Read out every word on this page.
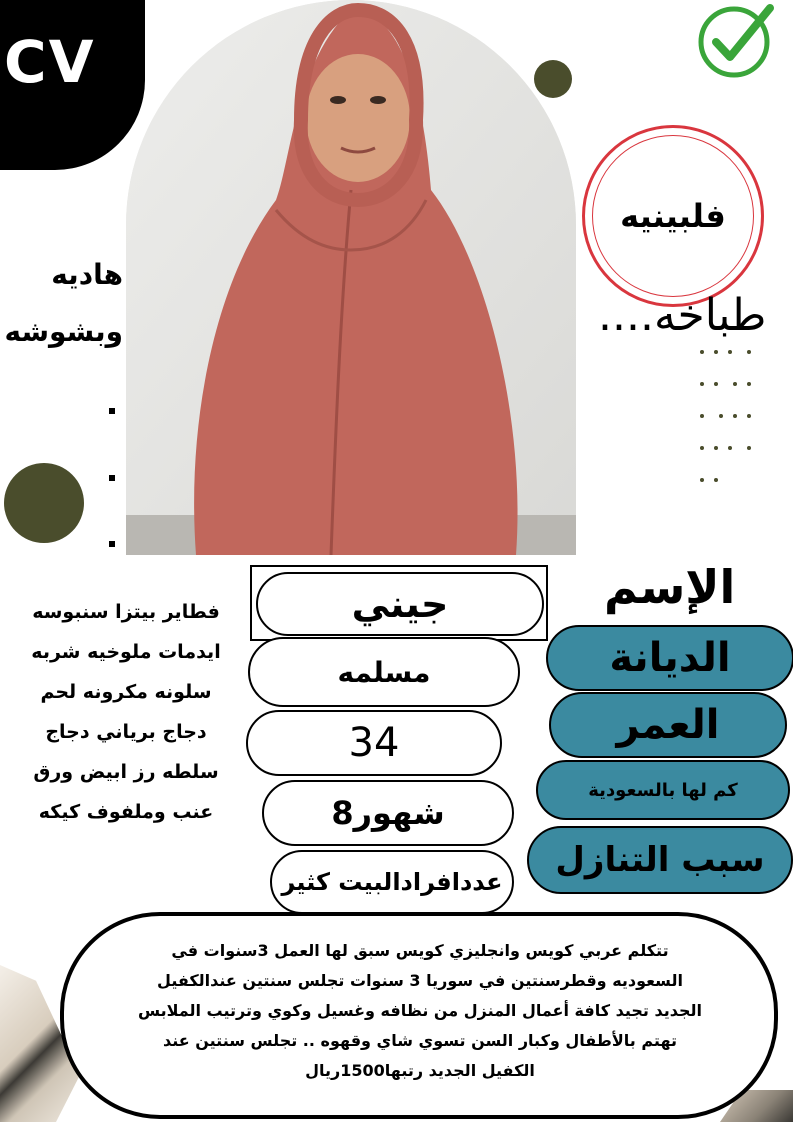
CV
فلبينيه
طباخه....

هاديه
وبشوشه
جيني
مسلمه
34
8شهور
عددافرادالبيت كثير
الإسم
الديانة
العمر
كم لها بالسعودية
سبب التنازل
فطاير بيتزا سنبوسه
ايدمات ملوخيه شربه
سلونه مكرونه لحم
دجاج برياني دجاج
سلطه رز ابيض ورق
عنب وملفوف كيكه
تتكلم عربي كويس وانجليزي كويس سبق لها العمل 3سنوات في
السعوديه وقطرسنتين في سوريا 3 سنوات تجلس سنتين عندالكفيل
الجديد تجيد كافة أعمال المنزل من نظافه وغسيل وكوي وترتيب الملابس
تهتم بالأطفال وكبار السن تسوي شاي وقهوه .. تجلس سنتين عند
الكفيل الجديد رتبها1500ريال
